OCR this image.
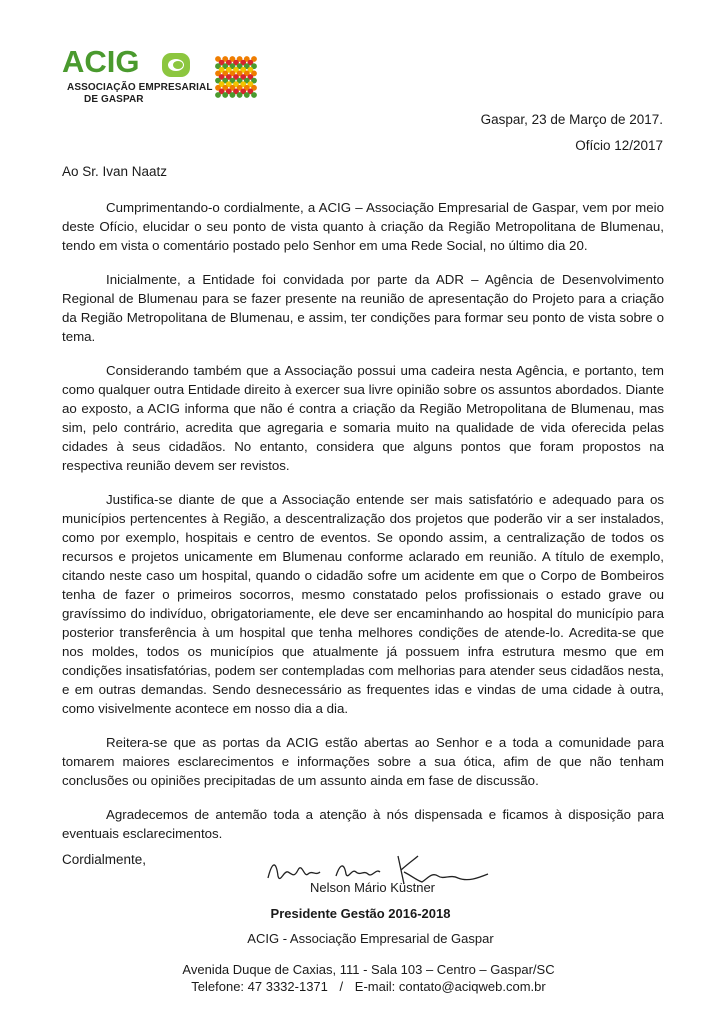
ACIG
ASSOCIAÇÃO EMPRESARIAL
DE GASPAR
Gaspar, 23 de Março de 2017.
Ofício 12/2017
Ao Sr. Ivan Naatz

Cumprimentando-o cordialmente, a ACIG – Associação Empresarial de Gaspar, vem por meio deste Ofício, elucidar o seu ponto de vista quanto à criação da Região Metropolitana de Blumenau, tendo em vista o comentário postado pelo Senhor em uma Rede Social, no último dia 20.

Inicialmente, a Entidade foi convidada por parte da ADR – Agência de Desenvolvimento Regional de Blumenau para se fazer presente na reunião de apresentação do Projeto para a criação da Região Metropolitana de Blumenau, e assim, ter condições para formar seu ponto de vista sobre o tema.

Considerando também que a Associação possui uma cadeira nesta Agência, e portanto, tem como qualquer outra Entidade direito à exercer sua livre opinião sobre os assuntos abordados. Diante ao exposto, a ACIG informa que não é contra a criação da Região Metropolitana de Blumenau, mas sim, pelo contrário, acredita que agregaria e somaria muito na qualidade de vida oferecida pelas cidades à seus cidadãos. No entanto, considera que alguns pontos que foram propostos na respectiva reunião devem ser revistos.

Justifica-se diante de que a Associação entende ser mais satisfatório e adequado para os municípios pertencentes à Região, a descentralização dos projetos que poderão vir a ser instalados, como por exemplo, hospitais e centro de eventos. Se opondo assim, a centralização de todos os recursos e projetos unicamente em Blumenau conforme aclarado em reunião. A título de exemplo, citando neste caso um hospital, quando o cidadão sofre um acidente em que o Corpo de Bombeiros tenha de fazer o primeiros socorros, mesmo constatado pelos profissionais o estado grave ou gravíssimo do indivíduo, obrigatoriamente, ele deve ser encaminhando ao hospital do município para posterior transferência à um hospital que tenha melhores condições de atende-lo. Acredita-se que nos moldes, todos os municípios que atualmente já possuem infra estrutura mesmo que em condições insatisfatórias, podem ser contempladas com melhorias para atender seus cidadãos nesta, e em outras demandas. Sendo desnecessário as frequentes idas e vindas de uma cidade à outra, como visivelmente acontece em nosso dia a dia.

Reitera-se que as portas da ACIG estão abertas ao Senhor e a toda a comunidade para tomarem maiores esclarecimentos e informações sobre a sua ótica, afim de que não tenham conclusões ou opiniões precipitadas de um assunto ainda em fase de discussão.

Agradecemos de antemão toda a atenção à nós dispensada e ficamos à disposição para eventuais esclarecimentos.

Cordialmente,
Nelson Mário Küstner
Presidente Gestão 2016-2018
ACIG - Associação Empresarial de Gaspar
Avenida Duque de Caxias, 111 - Sala 103 – Centro – Gaspar/SC
Telefone: 47 3332-1371 / E-mail: contato@aciqweb.com.br
